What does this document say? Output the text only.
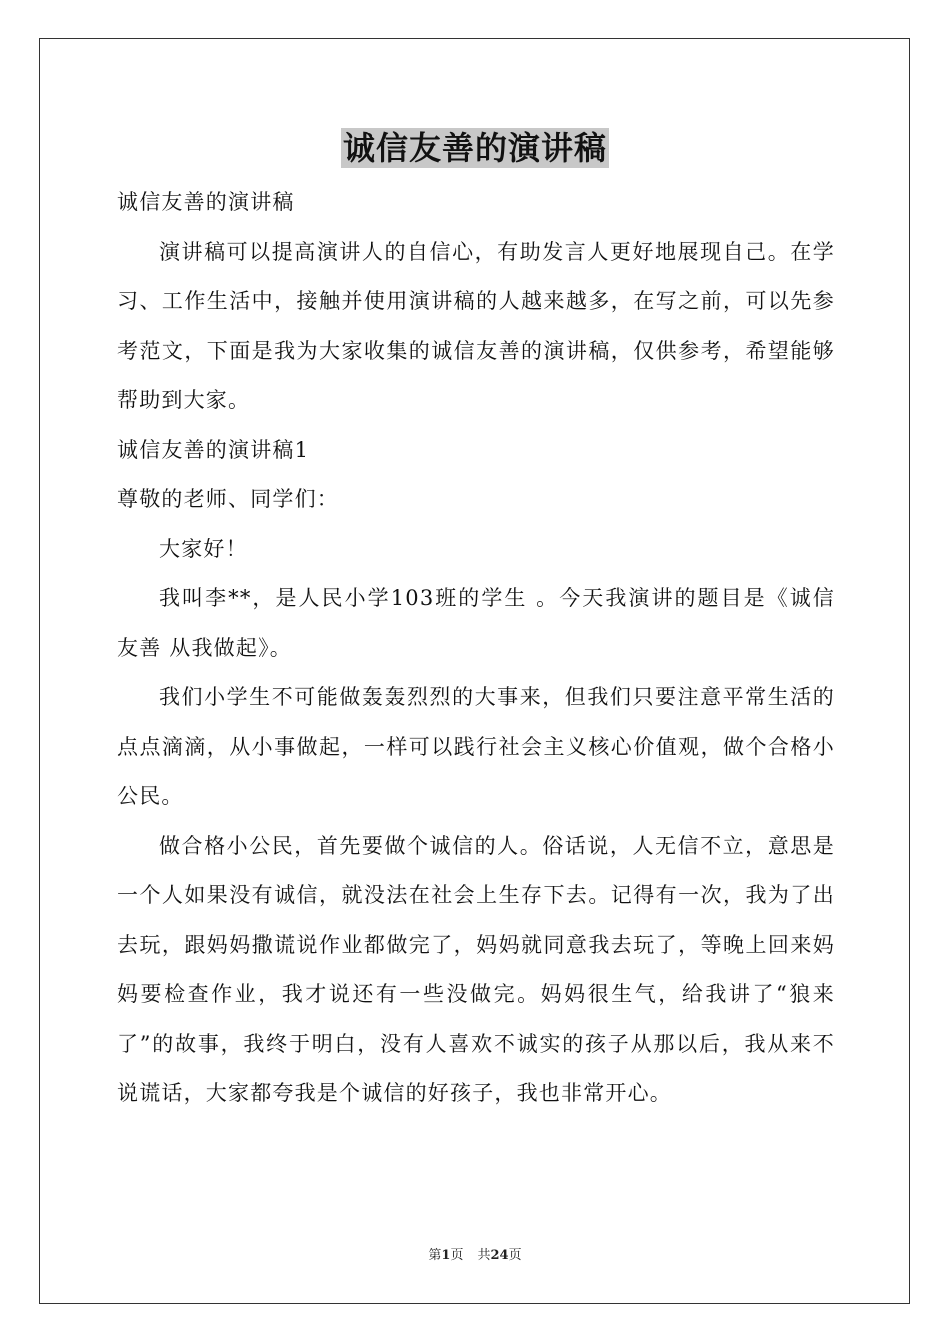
诚信友善的演讲稿

诚信友善的演讲稿

演讲稿可以提高演讲人的自信心，有助发言人更好地展现自己。在学习、工作生活中，接触并使用演讲稿的人越来越多，在写之前，可以先参考范文，下面是我为大家收集的诚信友善的演讲稿，仅供参考，希望能够帮助到大家。

诚信友善的演讲稿1

尊敬的老师、同学们：

大家好！

我叫李**，是人民小学103班的学生 。今天我演讲的题目是《诚信 友善 从我做起》。

我们小学生不可能做轰轰烈烈的大事来，但我们只要注意平常生活的点点滴滴，从小事做起，一样可以践行社会主义核心价值观，做个合格小公民。

做合格小公民，首先要做个诚信的人。俗话说，人无信不立，意思是一个人如果没有诚信，就没法在社会上生存下去。记得有一次，我为了出去玩，跟妈妈撒谎说作业都做完了，妈妈就同意我去玩了，等晚上回来妈妈要检查作业，我才说还有一些没做完。妈妈很生气，给我讲了“狼来了”的故事，我终于明白，没有人喜欢不诚实的孩子从那以后，我从来不说谎话，大家都夸我是个诚信的好孩子，我也非常开心。

第1页 共24页
